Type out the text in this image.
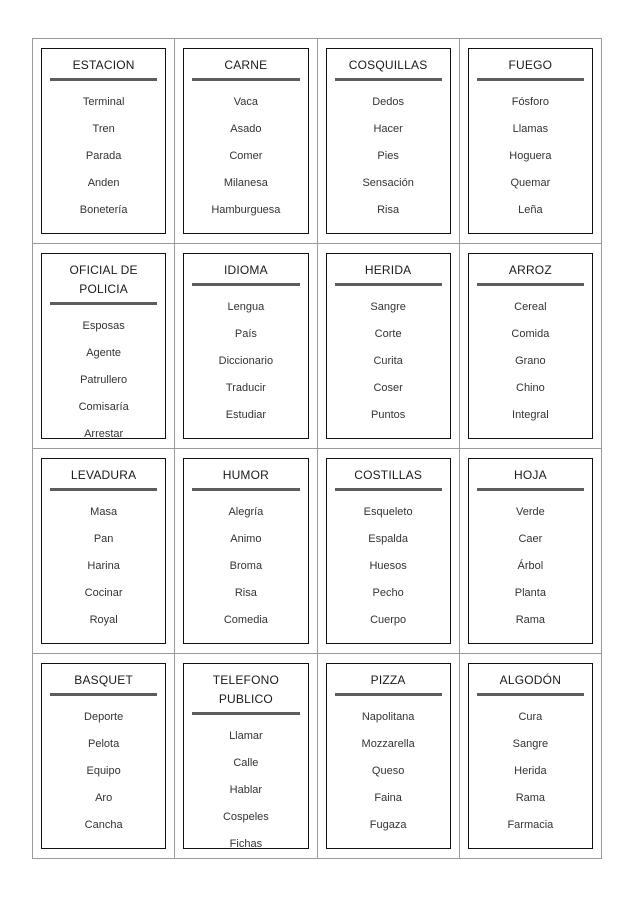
ESTACION
Terminal
Tren
Parada
Anden
Bonetería
CARNE
Vaca
Asado
Comer
Milanesa
Hamburguesa
COSQUILLAS
Dedos
Hacer
Pies
Sensación
Risa
FUEGO
Fósforo
Llamas
Hoguera
Quemar
Leña
OFICIAL DE POLICIA
Esposas
Agente
Patrullero
Comisaría
Arrestar
IDIOMA
Lengua
País
Diccionario
Traducir
Estudiar
HERIDA
Sangre
Corte
Curita
Coser
Puntos
ARROZ
Cereal
Comida
Grano
Chino
Integral
LEVADURA
Masa
Pan
Harina
Cocinar
Royal
HUMOR
Alegría
Animo
Broma
Risa
Comedia
COSTILLAS
Esqueleto
Espalda
Huesos
Pecho
Cuerpo
HOJA
Verde
Caer
Árbol
Planta
Rama
BASQUET
Deporte
Pelota
Equipo
Aro
Cancha
TELEFONO PUBLICO
Llamar
Calle
Hablar
Cospeles
Fichas
PIZZA
Napolitana
Mozzarella
Queso
Faina
Fugaza
ALGODÓN
Cura
Sangre
Herida
Rama
Farmacia
